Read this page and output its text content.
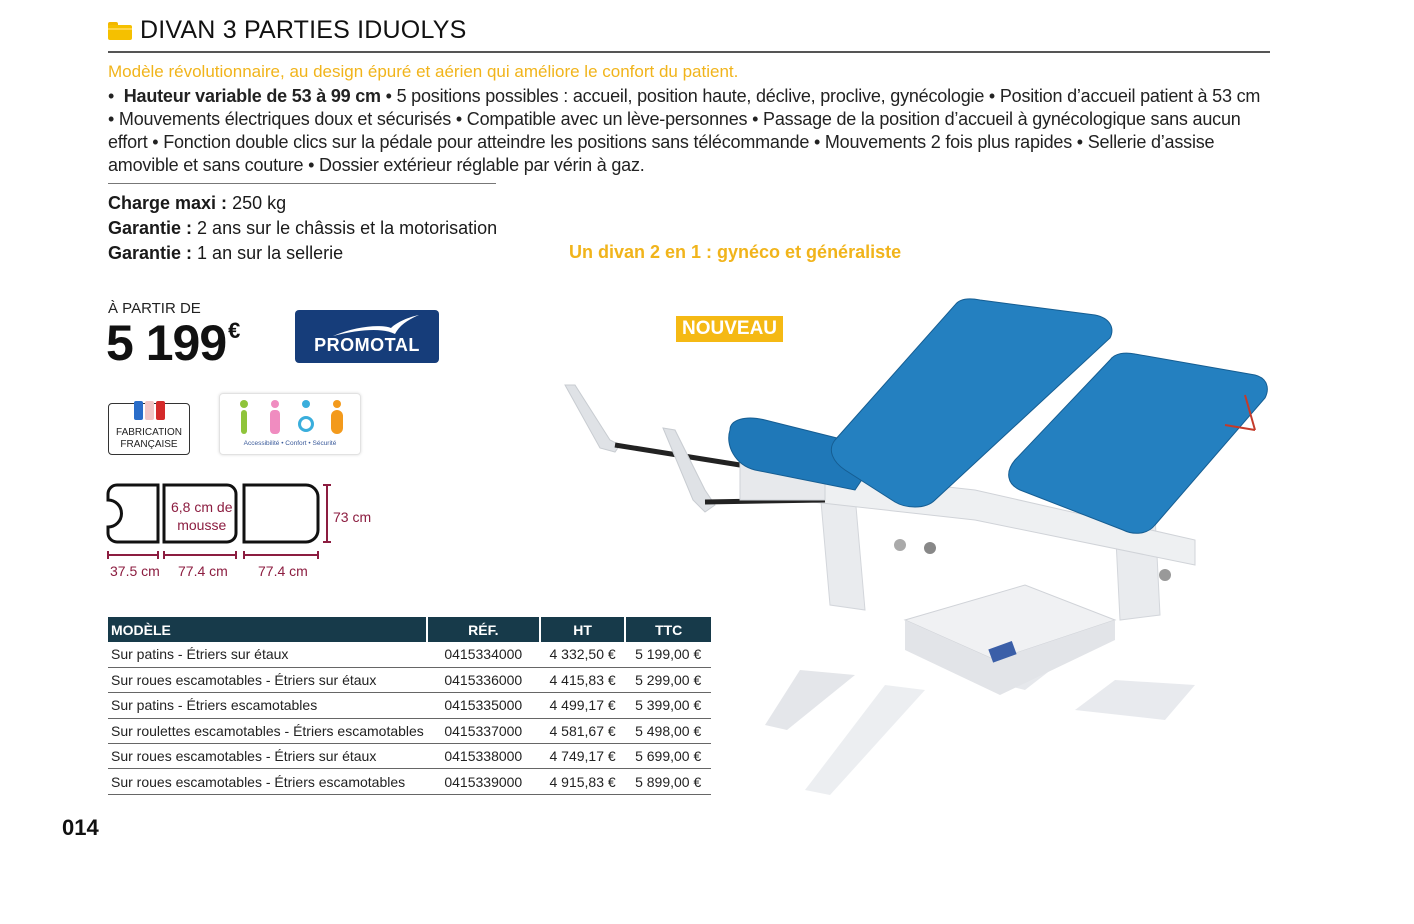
DIVAN 3 PARTIES IDUOLYS
Modèle révolutionnaire, au design épuré et aérien qui améliore le confort du patient.

•  Hauteur variable de 53 à 99 cm • 5 positions possibles : accueil, position haute, déclive, proclive, gynécologie • Position d’accueil patient à 53 cm • Mouvements électriques doux et sécurisés • Compatible avec un lève-personnes • Passage de la position d’accueil à gynécologique sans aucun effort • Fonction double clics sur la pédale pour atteindre les positions sans télécommande • Mouvements 2 fois plus rapides • Sellerie d’assise amovible et sans couture • Dossier extérieur réglable par vérin à gaz.

Charge maxi : 250 kg
Garantie : 2 ans sur le châssis et la motorisation
Garantie : 1 an sur la sellerie	Un divan 2 en 1 : gynéco et généraliste
À PARTIR DE
5 199€
PROMOTAL
FABRICATION
FRANÇAISE	Accessibilité • Confort • Sécurité
6,8 cm de
mousse	73 cm
37.5 cm 77.4 cm 77.4 cm
MODÈLE	RÉF.	HT	TTC
Sur patins - Étriers sur étaux	0415334000	4 332,50 €	5 199,00 €
Sur roues escamotables - Étriers sur étaux	0415336000	4 415,83 €	5 299,00 €
Sur patins - Étriers escamotables	0415335000	4 499,17 €	5 399,00 €
Sur roulettes escamotables - Étriers escamotables	0415337000	4 581,67 €	5 498,00 €
Sur roues escamotables - Étriers sur étaux	0415338000	4 749,17 €	5 699,00 €
Sur roues escamotables - Étriers escamotables	0415339000	4 915,83 €	5 899,00 €
014
NOUVEAU
